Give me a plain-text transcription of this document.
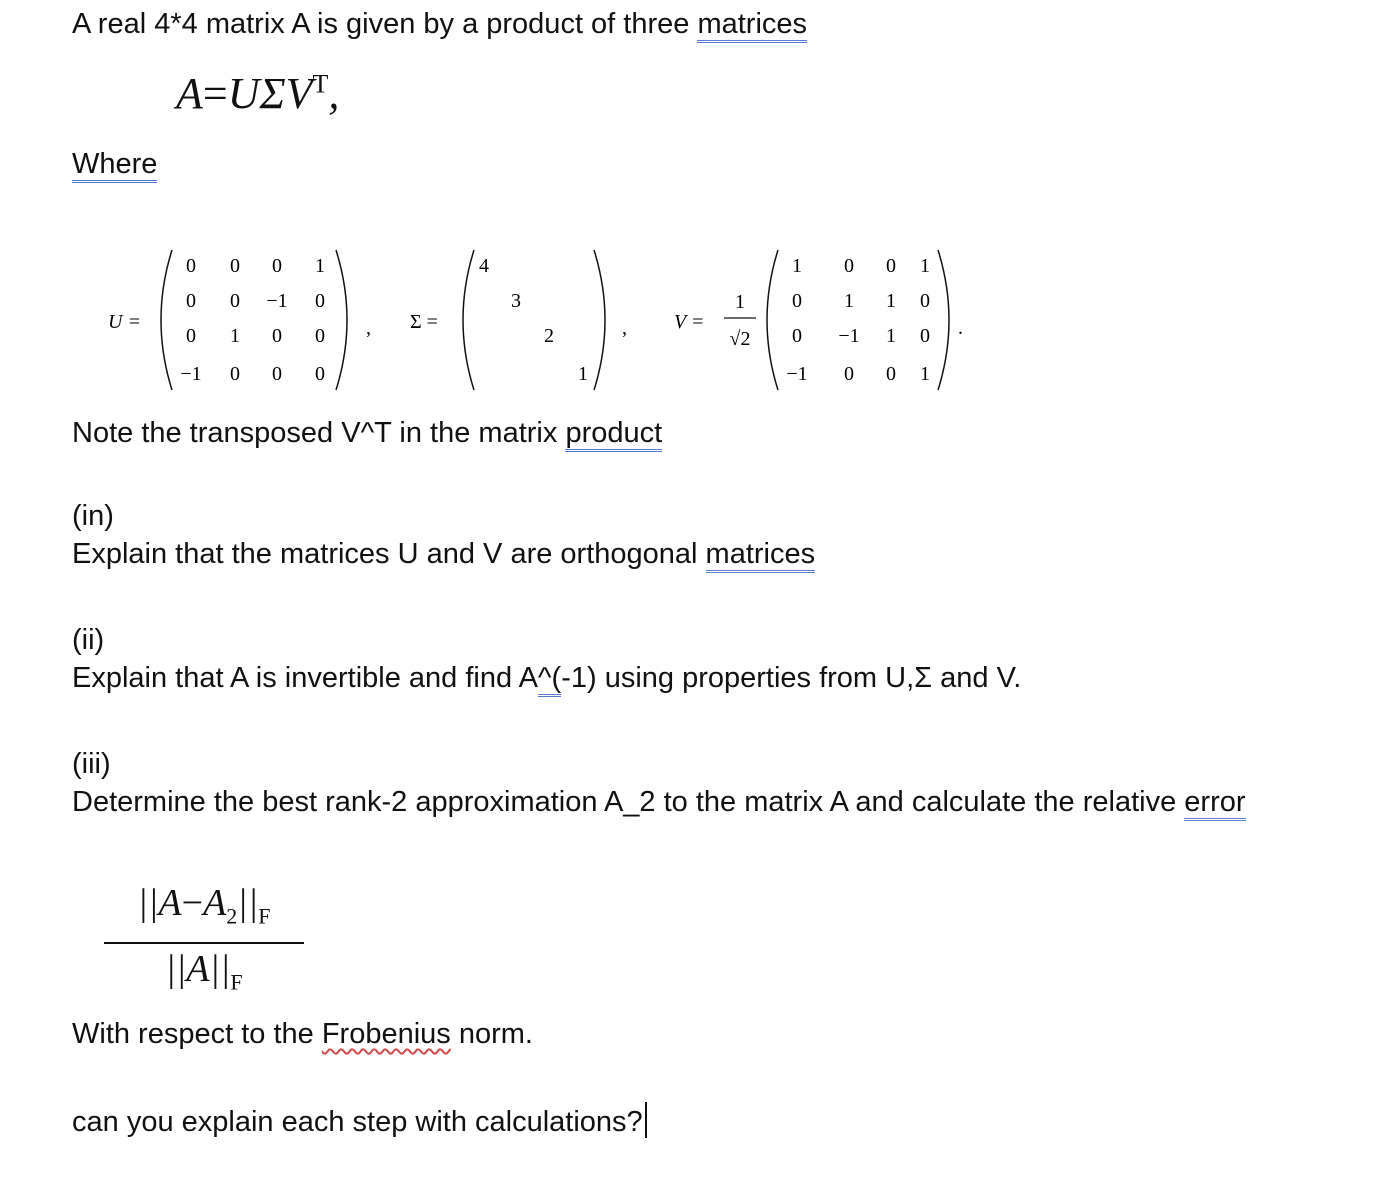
A real 4*4 matrix A is given by a product of three matrices
$A=U\Sigma V^T$,
Where
U =
0 0 0 1
0 0 −1 0
0 1 0 0
−1 0 0 0
, Σ =
4
3
2
1
, V =
1
√2
1 0 0 1
0 1 1 0
0 −1 1 0
−1 0 0 1
.
Note the transposed V^T in the matrix product
(in)
Explain that the matrices U and V are orthogonal matrices
(ii)
Explain that A is invertible and find A^(-1) using properties from U,Σ and V.
(iii)
Determine the best rank-2 approximation A_2 to the matrix A and calculate the relative error
$||A-A_2||_F$
$||A||_F$
With respect to the Frobenius norm.
can you explain each step with calculations?
